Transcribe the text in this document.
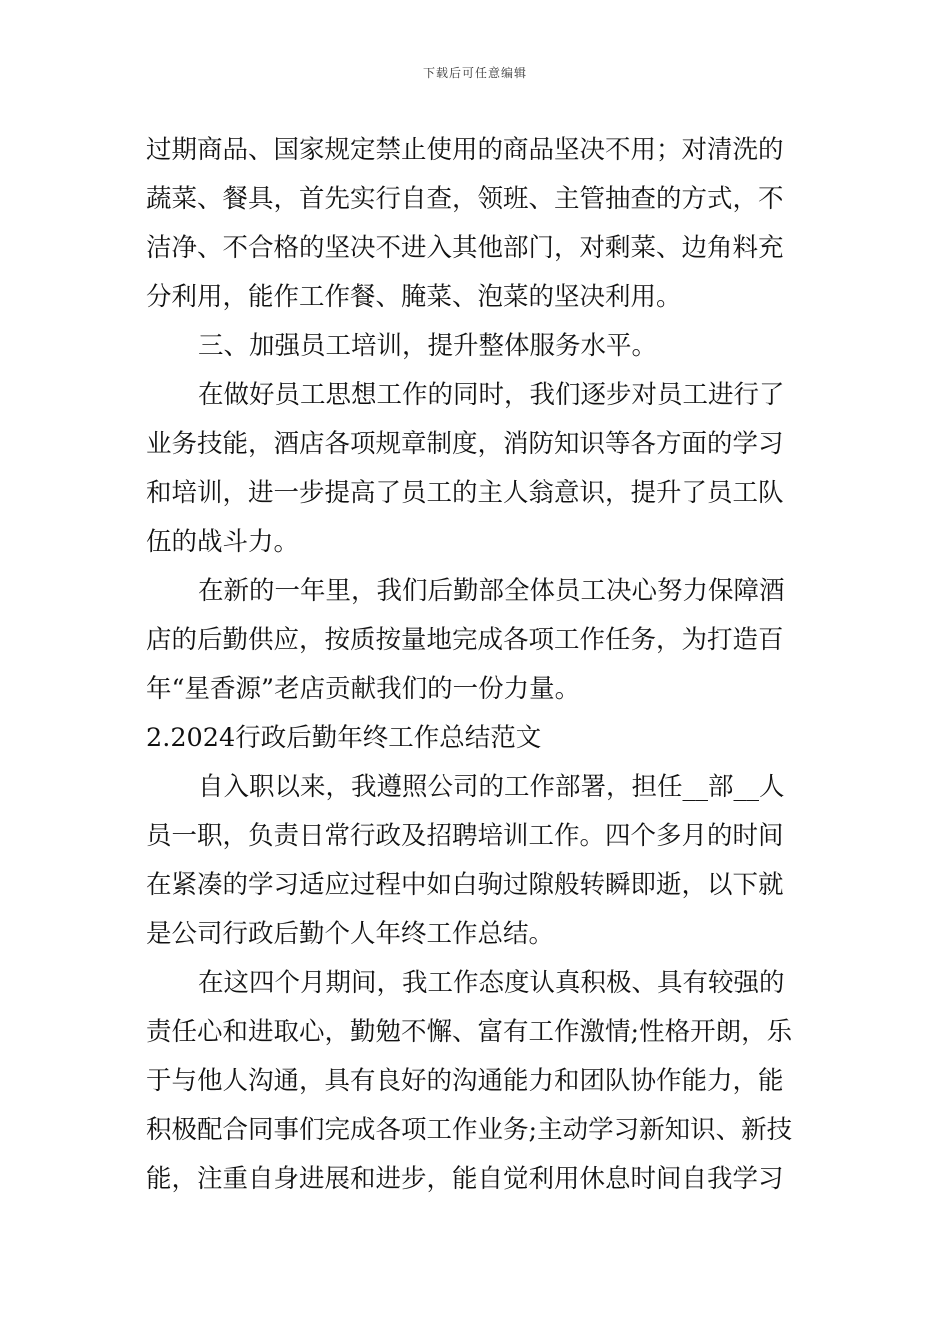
下载后可任意编辑
过期商品、国家规定禁止使用的商品坚决不用；对清洗的
蔬菜、餐具，首先实行自查，领班、主管抽查的方式，不
洁净、不合格的坚决不进入其他部门，对剩菜、边角料充
分利用，能作工作餐、腌菜、泡菜的坚决利用。
三、加强员工培训，提升整体服务水平。
在做好员工思想工作的同时，我们逐步对员工进行了
业务技能，酒店各项规章制度，消防知识等各方面的学习
和培训，进一步提高了员工的主人翁意识，提升了员工队
伍的战斗力。
在新的一年里，我们后勤部全体员工决心努力保障酒
店的后勤供应，按质按量地完成各项工作任务，为打造百
年“星香源”老店贡献我们的一份力量。
2.2024行政后勤年终工作总结范文
自入职以来，我遵照公司的工作部署，担任__部__人
员一职，负责日常行政及招聘培训工作。四个多月的时间
在紧凑的学习适应过程中如白驹过隙般转瞬即逝，以下就
是公司行政后勤个人年终工作总结。
在这四个月期间，我工作态度认真积极、具有较强的
责任心和进取心，勤勉不懈、富有工作激情;性格开朗，乐
于与他人沟通，具有良好的沟通能力和团队协作能力，能
积极配合同事们完成各项工作业务;主动学习新知识、新技
能，注重自身进展和进步，能自觉利用休息时间自我学习
